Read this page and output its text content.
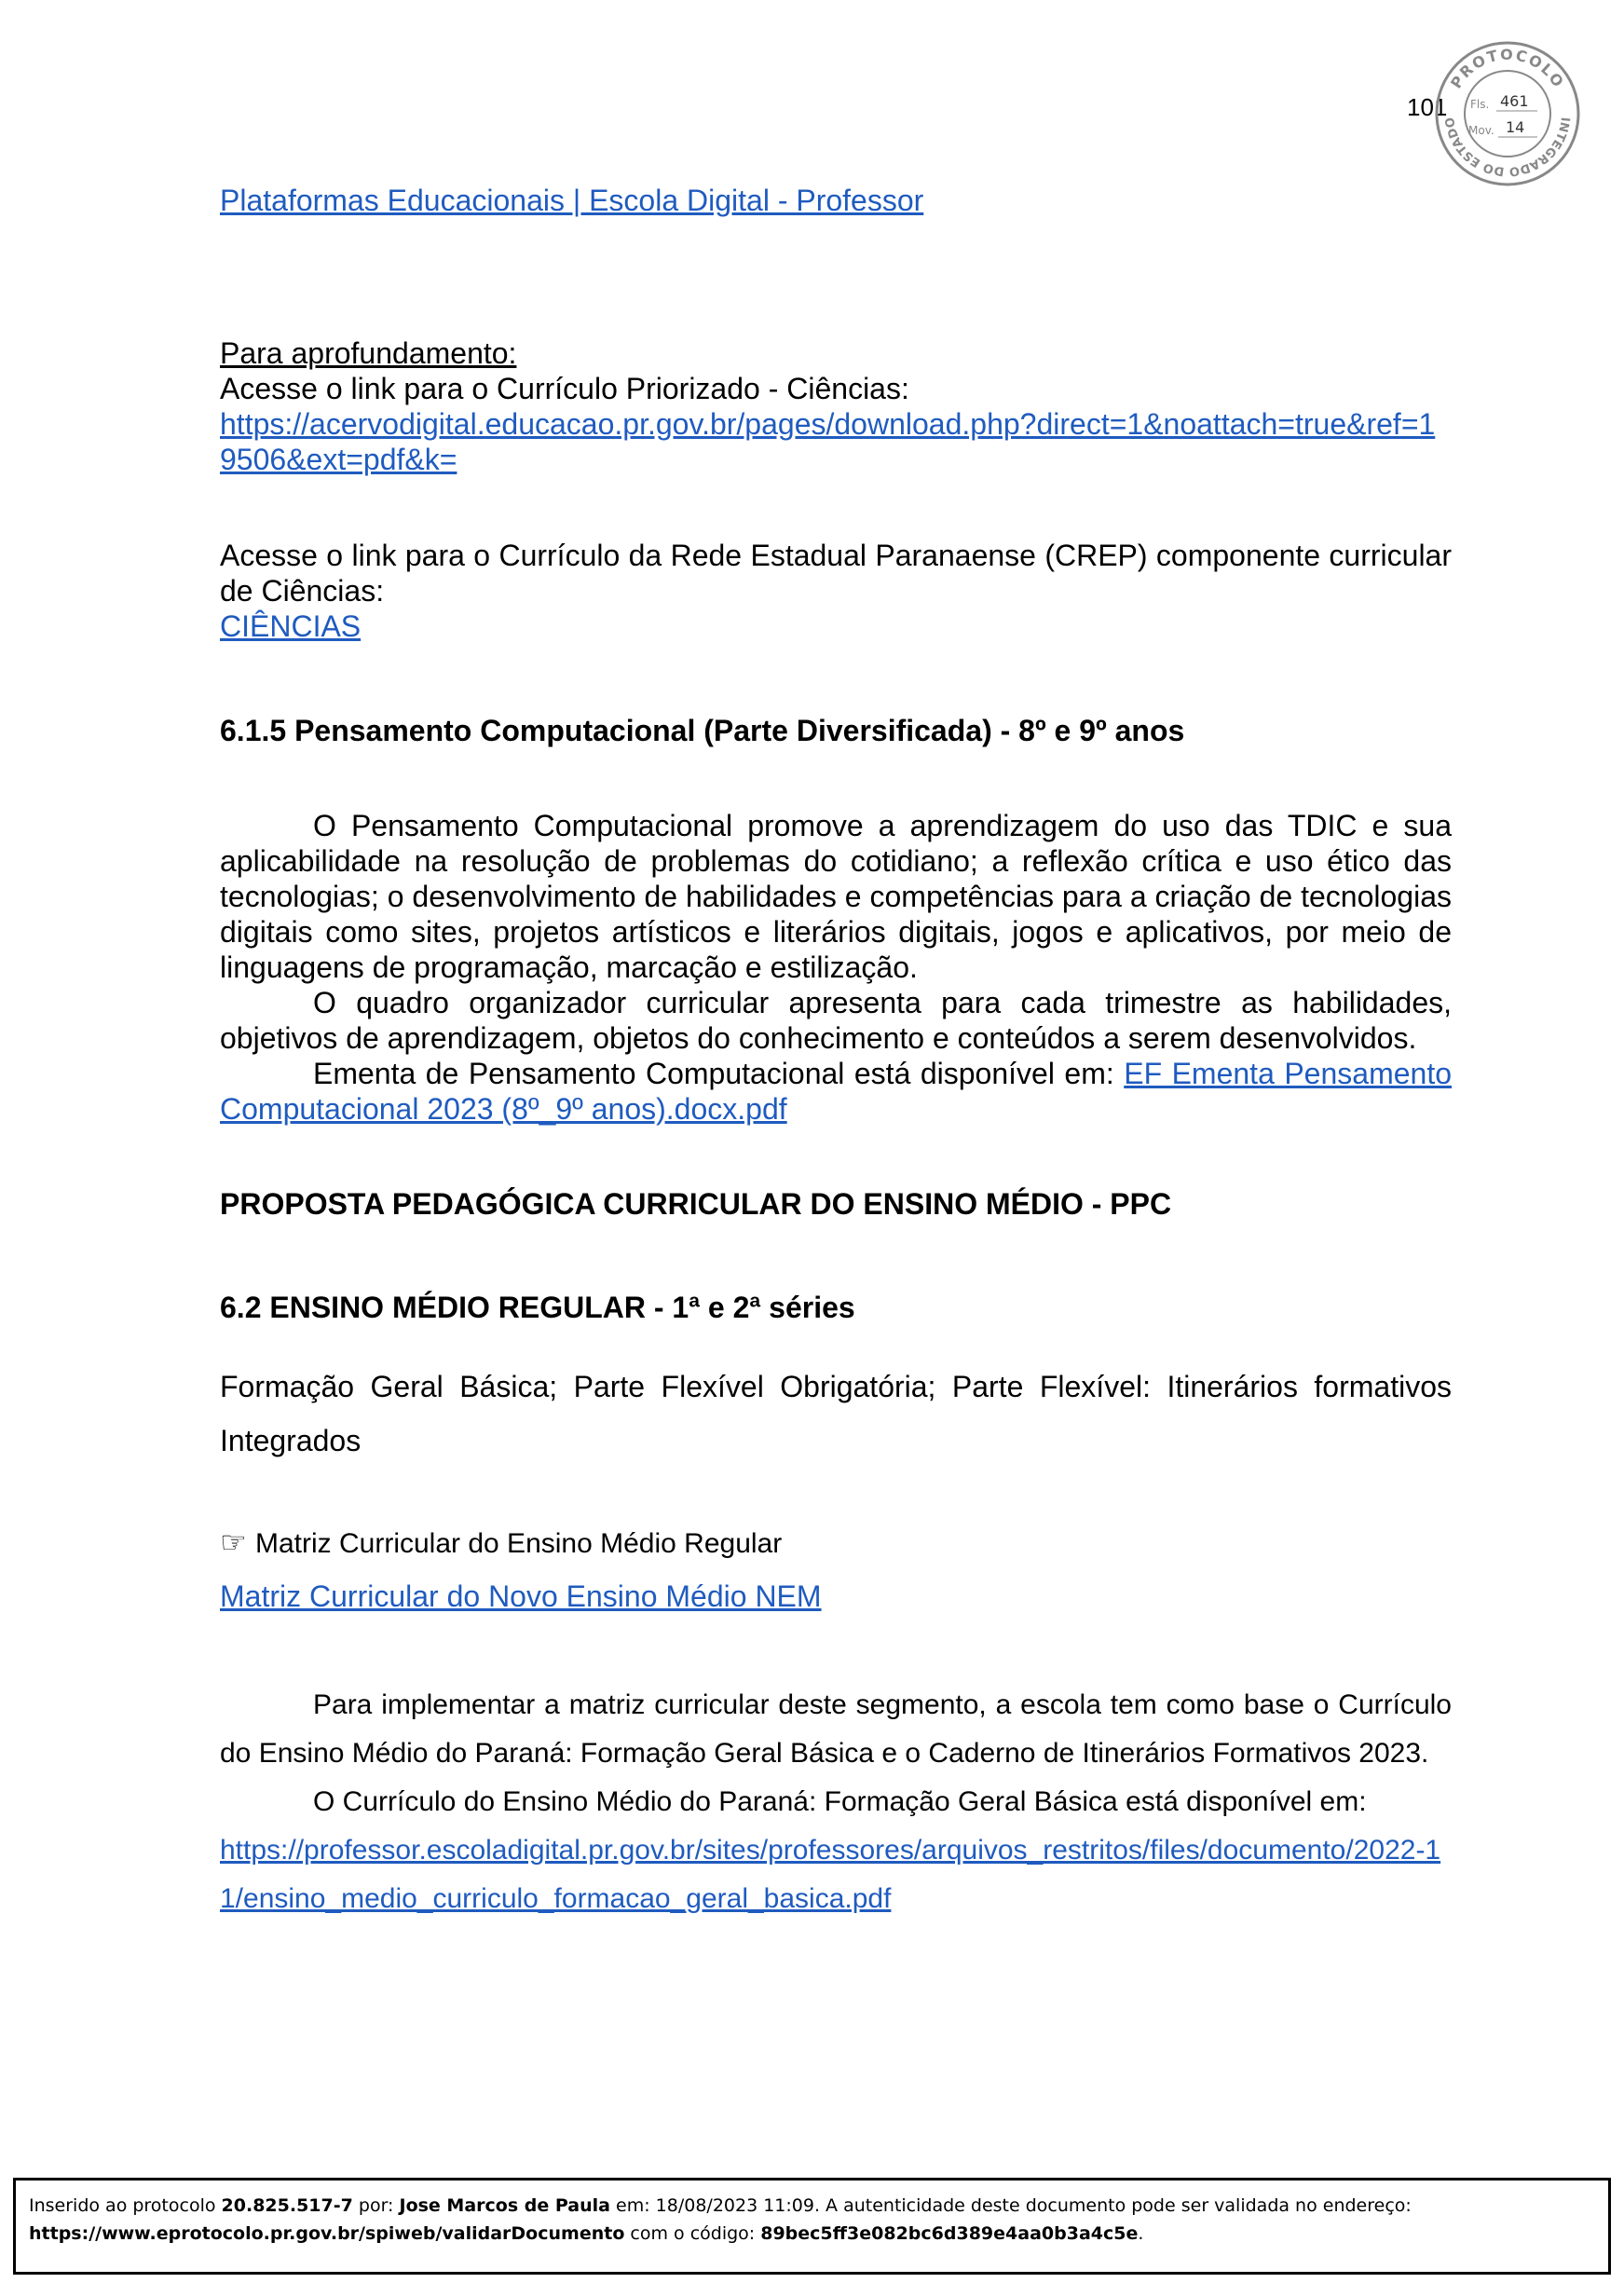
101
PROTOCOLO
INTEGRADO DO ESTADO
Fls. 461
Mov. 14
Plataformas Educacionais | Escola Digital - Professor
Para aprofundamento:
Acesse o link para o Currículo Priorizado - Ciências:
https://acervodigital.educacao.pr.gov.br/pages/download.php?direct=1&noattach=true&ref=19506&ext=pdf&k=
Acesse o link para o Currículo da Rede Estadual Paranaense (CREP) componente curricular de Ciências:
CIÊNCIAS
6.1.5 Pensamento Computacional (Parte Diversificada) - 8º e 9º anos
O Pensamento Computacional promove a aprendizagem do uso das TDIC e sua aplicabilidade na resolução de problemas do cotidiano; a reflexão crítica e uso ético das tecnologias; o desenvolvimento de habilidades e competências para a criação de tecnologias digitais como sites, projetos artísticos e literários digitais, jogos e aplicativos, por meio de linguagens de programação, marcação e estilização.
O quadro organizador curricular apresenta para cada trimestre as habilidades, objetivos de aprendizagem, objetos do conhecimento e conteúdos a serem desenvolvidos.
Ementa de Pensamento Computacional está disponível em: EF Ementa Pensamento Computacional 2023 (8º_9º anos).docx.pdf
PROPOSTA PEDAGÓGICA CURRICULAR DO ENSINO MÉDIO - PPC
6.2 ENSINO MÉDIO REGULAR - 1ª e 2ª séries
Formação Geral Básica; Parte Flexível Obrigatória; Parte Flexível: Itinerários formativos Integrados
☞ Matriz Curricular do Ensino Médio Regular
Matriz Curricular do Novo Ensino Médio NEM
Para implementar a matriz curricular deste segmento, a escola tem como base o Currículo do Ensino Médio do Paraná: Formação Geral Básica e o Caderno de Itinerários Formativos 2023.
O Currículo do Ensino Médio do Paraná: Formação Geral Básica está disponível em:
https://professor.escoladigital.pr.gov.br/sites/professores/arquivos_restritos/files/documento/2022-11/ensino_medio_curriculo_formacao_geral_basica.pdf
Inserido ao protocolo 20.825.517-7 por: Jose Marcos de Paula em: 18/08/2023 11:09. A autenticidade deste documento pode ser validada no endereço:
https://www.eprotocolo.pr.gov.br/spiweb/validarDocumento com o código: 89bec5ff3e082bc6d389e4aa0b3a4c5e.
